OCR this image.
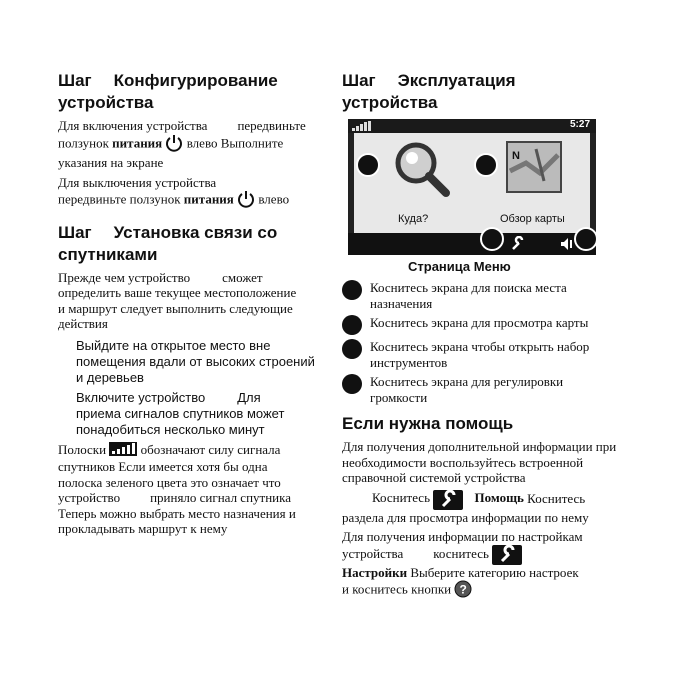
Шаг Конфигурирование
устройства
Для включения устройства передвиньте
ползунок питания влево Выполните
указания на экране
Для выключения устройства
передвиньте ползунок питания влево
Шаг Установка связи со
спутниками
Прежде чем устройство сможет
определить ваше текущее местоположение
и маршрут следует выполнить следующие
действия
Выйдите на открытое место вне
помещения вдали от высоких строений
и деревьев
Включите устройство Для
приема сигналов спутников может
понадобиться несколько минут
Полоски	обозначают силу сигнала
спутников Если имеется хотя бы одна
полоска зеленого цвета это означает что
устройство приняло сигнал спутника
Теперь можно выбрать место назначения и
прокладывать маршрут к нему
Шаг Эксплуатация
устройства
5:27
Куда?
N
Обзор карты
Страница Меню
Коснитесь экрана для поиска места назначения
Коснитесь экрана для просмотра карты
Коснитесь экрана чтобы открыть набор инструментов
Коснитесь экрана для регулировки громкости
Если нужна помощь
Для получения дополнительной информации при необходимости воспользуйтесь встроенной справочной системой устройства
Коснитесь	Помощь Коснитесь
раздела для просмотра информации по нему
Для получения информации по настройкам
устройства коснитесь
Настройки Выберите категорию настроек
и коснитесь кнопки ?
